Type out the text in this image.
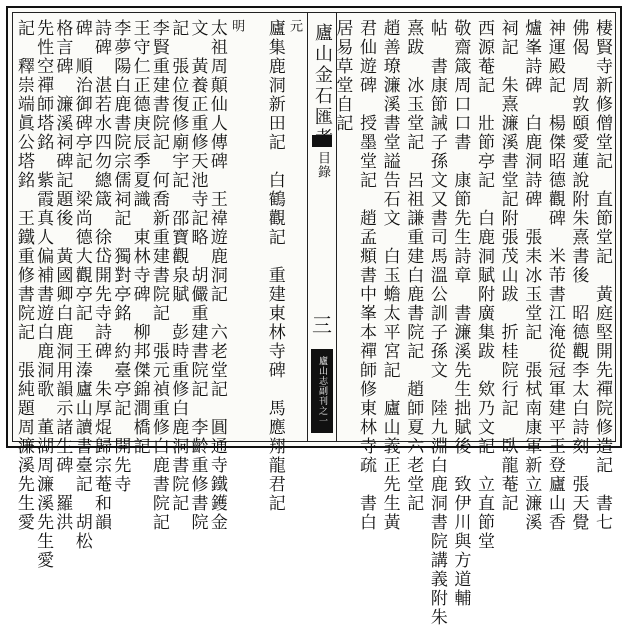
棲賢寺新修僧堂記　直節堂記　黃庭堅開先禪院修造記　書七
佛偈　周敦頤愛蓮說附朱熹書後　昭德觀李太白詩刻　張天覺
神運殿記　楊傑昭德觀碑　米芾書江淹從冠軍建平王登廬山香
爐峯詩碑　白鹿洞詩碑　張耒冰玉堂記　張栻南康軍新立濂溪
祠記　朱熹濂溪書堂記附張茂山跋　折桂院行記　臥龍菴記
西源菴記　壯節亭記　白鹿洞賦附廣集跋　欸乃文記　立直節堂
敬齋箴周口口書　康節先生詩章　書濂溪先生拙賦後　致伊川與方道輔
帖　書康節誡子孫文又書司馬溫公訓子孫文　陸九淵白鹿洞書院講義附朱
熹跋　冰玉堂記　呂祖謙重建白鹿書院記　趙師夏六老堂記
趙善璙濂溪書堂謚告石文　白玉蟾太平宮記　廬山義正先生黃
君仙遊碑　授墨堂記　趙孟頫書中峯本禪師修東林寺疏　書白
居易草堂自記
廬山金石匯考
目錄
三
廬山志副刊之一
元
廬集鹿洞新田記　白鶴觀記　重建東林寺碑　馬應翔龍君記
明
太祖周顛仙人傳碑　王禕遊鹿洞記　六老堂記　圓通寺鐵鑊金
文　黃養正重修天池寺記略　胡儼重建書院記　李齡重修書院
記　張位復修廟宇記　邵寶觀泉賦　彭時重修白鹿洞書院記
李賢重建書院記　何喬新重建書院記　張元禎重修白鹿書院記
王守仁正德庚辰季夏識　東林寺碑　柳邦傑錦澗橋記
李夢陽白鹿書院宗儒祠記　獨對亭銘　約臺亭記　開先寺
詩碑　湛若水四勿總箴　徐岱開先寺詩碑　朱厚焜歸宗菴和韻
碑　順治御碑亭記　梁尚德大觀亭記　王溱廬山讀書臺記　胡松
格言碑　濂溪祠碑記題後　黃國卿白鹿洞用韻示諸生碑　羅洪
先性空禪師塔銘　紫霞真人偏補書遊白鹿洞歌　董湖周濂溪先生愛
記　釋崇端眞公塔銘　王鐵重修書院記　張純題周濂溪先生愛
